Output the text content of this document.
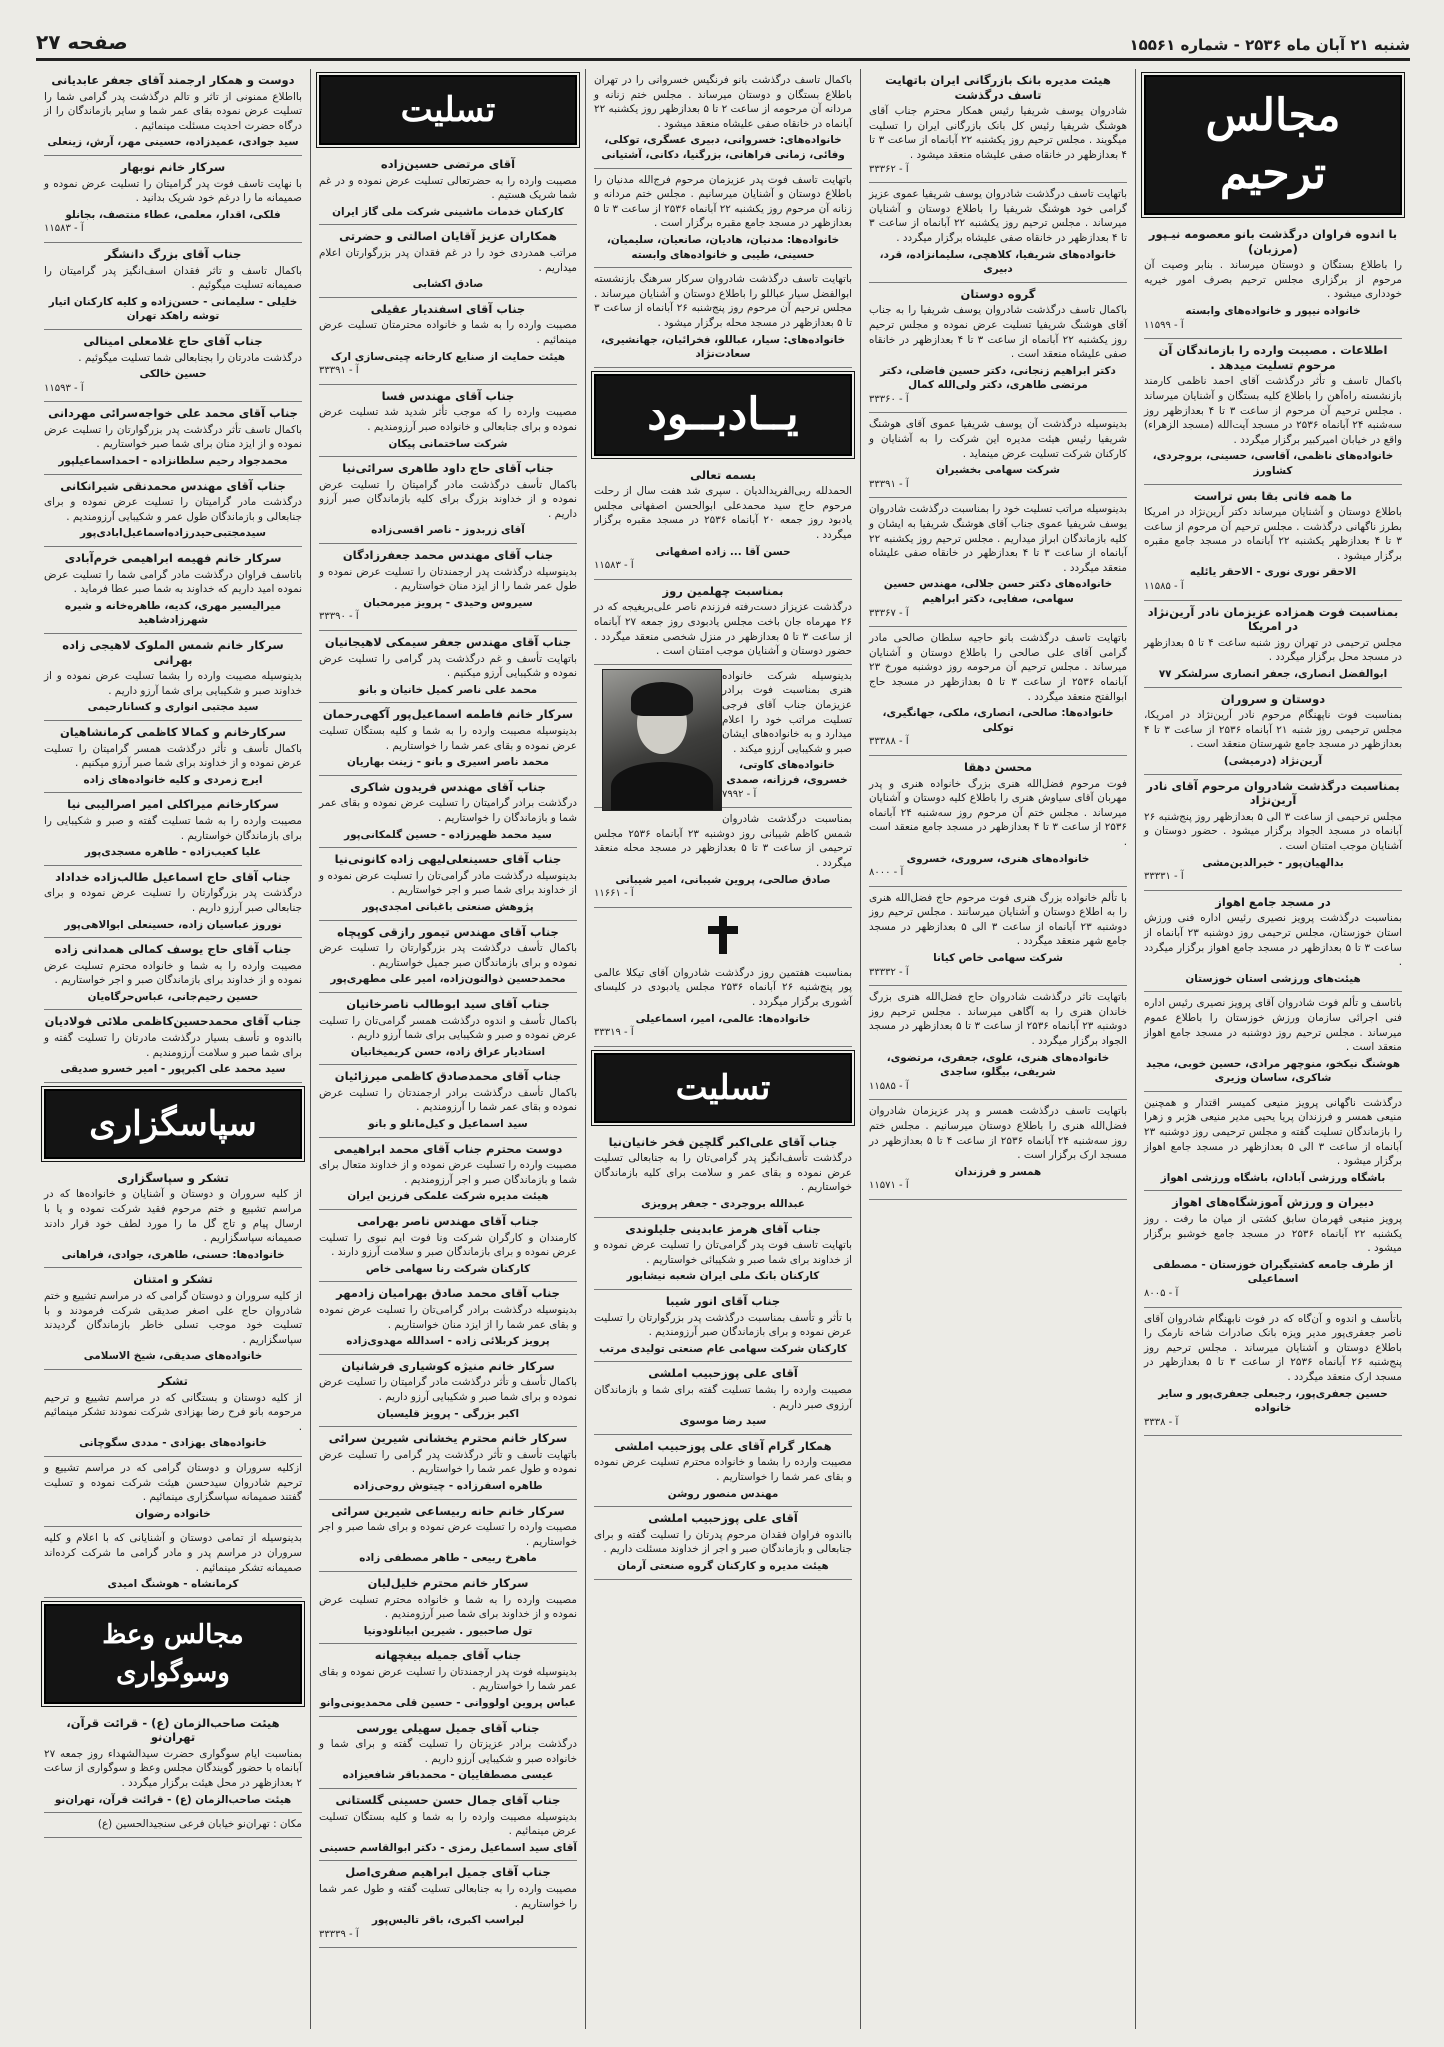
شنبه ۲۱ آبان ماه ۲۵۳۶ - شماره ۱۵۵۶۱
صفحه ۲۷
مجالس ترحیم
با اندوه فراوان درگذشت بانو معصومه نیـپور (مرزبان)

را باطلاع بستگان و دوستان میرساند . بنابر وصیت آن مرحوم از برگزاری مجلس ترحیم بصرف امور خیریه خودداری میشود .

خانواده نیپور و خانواده‌های وابسته
آ - ۱۱۵۹۹
اطلاعات . مصیبت وارده را بازماندگان آن مرحوم تسلیت میدهد .

باکمال تاسف و تأثر درگذشت آقای احمد ناظمی کارمند بازنشسته راه‌آهن را باطلاع کلیه بستگان و آشنایان میرساند . مجلس ترحیم آن مرحوم از ساعت ۳ تا ۴ بعدازظهر روز سه‌شنبه ۲۴ آبانماه ۲۵۳۶ در مسجد آیت‌الله (مسجد الزهراء) واقع در خیابان امیرکبیر برگزار میگردد .

خانواده‌های ناظمی، آقاسی، حسینی، بروجردی، کشاورز
ما همه فانی بقا بس تراست

باطلاع دوستان و آشنایان میرساند دکتر آرین‌نژاد در امریکا بطرز ناگهانی درگذشت . مجلس ترحیم آن مرحوم از ساعت ۳ تا ۴ بعدازظهر یکشنبه ۲۲ آبانماه در مسجد جامع مقبره برگزار میشود .

الاحقر نوری نوری - الاحقر یائلیه
آ - ۱۱۵۸۵
بمناسبت فوت همزاده عزیزمان نادر آرین‌نژاد در امریکا

مجلس ترحیمی در تهران روز شنبه ساعت ۴ تا ۵ بعدازظهر در مسجد محل برگزار میگردد .

ابوالفضل انصاری، جعفر انصاری سرلشکر ۷۷
دوستان و سروران

بمناسبت فوت ناپهنگام مرحوم نادر آرین‌نژاد در امریکا، مجلس ترحیمی روز شنبه ۲۱ آبانماه ۲۵۳۶ از ساعت ۳ تا ۴ بعدازظهر در مسجد جامع شهرستان منعقد است .

آرین‌نژاد (درمیشی)
بمناسبت درگذشت شادروان مرحوم آقای نادر آرین‌نژاد

مجلس ترحیمی از ساعت ۳ الی ۵ بعدازظهر روز پنج‌شنبه ۲۶ آبانماه در مسجد الجواد برگزار میشود . حضور دوستان و آشنایان موجب امتنان است .

بدالهیان‌پور - خیرالدین‌مشی
آ - ۳۳۳۳۱
در مسجد جامع اهواز

بمناسبت درگذشت پرویز نصیری رئیس اداره فنی ورزش استان خوزستان، مجلس ترحیمی روز دوشنبه ۲۳ آبانماه از ساعت ۳ تا ۵ بعدازظهر در مسجد جامع اهواز برگزار میگردد .

هیئت‌های ورزشی استان خوزستان

باتاسف و تألم فوت شادروان آقای پرویز نصیری رئیس اداره فنی اجرائی سازمان ورزش خوزستان را باطلاع عموم میرساند . مجلس ترحیم روز دوشنبه در مسجد جامع اهواز منعقد است .

هوشنگ نیکخو، منوچهر مرادی، حسین خوبی، مجید شاکری، ساسان وزیری

درگذشت ناگهانی پرویز منیعی کمیسر اقتدار و همچنین منیعی همسر و فرزندان پریا یحیی مدیر منیعی هژبر و زهرا را بازماندگان تسلیت گفته و مجلس ترحیمی روز دوشنبه ۲۳ آبانماه از ساعت ۳ الی ۵ بعدازظهر در مسجد جامع اهواز برگزار میشود .

باشگاه ورزشی آبادان، باشگاه ورزشی اهواز
دبیران و ورزش آموزشگاه‌های اهواز

پرویز منیعی قهرمان سابق کشتی از میان ما رفت . روز یکشنبه ۲۲ آبانماه ۲۵۳۶ در مسجد جامع خوشبو برگزار میشود .

از طرف جامعه کشتیگیران خوزستان - مصطفی اسماعیلی
آ - ۸۰۰۵

باتأسف و اندوه و آن‌گاه که در فوت نابهنگام شادروان آقای ناصر جعفری‌پور مدیر ویزه بانک صادرات شاخه نارمک را باطلاع دوستان و آشنایان میرساند . مجلس ترحیم روز پنج‌شنبه ۲۶ آبانماه ۲۵۳۶ از ساعت ۳ تا ۵ بعدازظهر در مسجد ارک منعقد میگردد .

حسین جعفری‌پور، رجبعلی جعفری‌پور و سایر خانواده
آ - ۳۳۳۸
هیئت مدیره بانک بازرگانی ایران باتهایت تاسف درگذشت

شادروان یوسف شریفیا رئیس همکار محترم جناب آقای هوشنگ شریفیا رئیس کل بانک بازرگانی ایران را تسلیت میگویند . مجلس ترحیم روز یکشنبه ۲۲ آبانماه از ساعت ۳ تا ۴ بعدازظهر در خانقاه صفی علیشاه منعقد میشود .

آ - ۳۳۳۶۲

باتهایت تاسف درگذشت شادروان یوسف شریفیا عموی عزیز گرامی خود هوشنگ شریفیا را باطلاع دوستان و آشنایان میرساند . مجلس ترحیم روز یکشنبه ۲۲ آبانماه از ساعت ۳ تا ۴ بعدازظهر در خانقاه صفی علیشاه برگزار میگردد .

خانواده‌های شریفیا، کلاهچی، سلیمانزاده، قرد، دبیری
گروه دوستان

باکمال تاسف درگذشت شادروان یوسف شریفیا را به جناب آقای هوشنگ شریفیا تسلیت عرض نموده و مجلس ترحیم روز یکشنبه ۲۲ آبانماه از ساعت ۳ تا ۴ بعدازظهر در خانقاه صفی علیشاه منعقد است .

دکتر ابراهیم زنجانی، دکتر حسین فاضلی، دکتر مرتضی طاهری، دکتر ولی‌الله کمال
آ - ۳۳۳۶۰

بدینوسیله درگذشت آن یوسف شریفیا عموی آقای هوشنگ شریفیا رئیس هیئت مدیره این شرکت را به آشنایان و کارکنان شرکت تسلیت عرض مینماید .

شرکت سهامی بخشیران
آ - ۳۳۳۹۱

بدینوسیله مراتب تسلیت خود را بمناسبت درگذشت شادروان یوسف شریفیا عموی جناب آقای هوشنگ شریفیا به ایشان و کلیه بازماندگان ابراز میداریم . مجلس ترحیم روز یکشنبه ۲۲ آبانماه از ساعت ۳ تا ۴ بعدازظهر در خانقاه صفی علیشاه منعقد میگردد .

خانواده‌های دکتر حسن جلالی، مهندس حسین سهامی، صفایی، دکتر ابراهیم
آ - ۳۳۳۶۷

باتهایت تاسف درگذشت بانو حاجیه سلطان صالحی مادر گرامی آقای علی صالحی را باطلاع دوستان و آشنایان میرساند . مجلس ترحیم آن مرحومه روز دوشنبه مورخ ۲۳ آبانماه ۲۵۳۶ از ساعت ۳ تا ۵ بعدازظهر در مسجد حاج ابوالفتح منعقد میگردد .

خانواده‌ها: صالحی، انصاری، ملکی، جهانگیری، توکلی
آ - ۳۳۳۸۸
محسن دهقا

فوت مرحوم فضل‌الله هنری بزرگ خانواده هنری و پدر مهربان آقای سیاوش هنری را باطلاع کلیه دوستان و آشنایان میرساند . مجلس ختم آن مرحوم روز سه‌شنبه ۲۴ آبانماه ۲۵۳۶ از ساعت ۳ تا ۴ بعدازظهر در مسجد جامع منعقد است .

خانواده‌های هنری، سروری، خسروی
آ - ۸۰۰۰

با تألم خانواده بزرگ هنری فوت مرحوم حاج فضل‌الله هنری را به اطلاع دوستان و آشنایان میرسانند . مجلس ترحیم روز دوشنبه ۲۳ آبانماه از ساعت ۳ الی ۵ بعدازظهر در مسجد جامع شهر منعقد میگردد .

شرکت سهامی خاص کیانا
آ - ۳۳۳۳۲

باتهایت تاثر درگذشت شادروان حاج فضل‌الله هنری بزرگ خاندان هنری را به آگاهی میرساند . مجلس ترحیم روز دوشنبه ۲۳ آبانماه ۲۵۳۶ از ساعت ۳ تا ۵ بعدازظهر در مسجد الجواد برگزار میگردد .

خانواده‌های هنری، علوی، جعفری، مرتضوی، شریفی، بیگلو، ساجدی
آ - ۱۱۵۸۵

باتهایت تاسف درگذشت همسر و پدر عزیزمان شادروان فضل‌الله هنری را باطلاع دوستان میرسانیم . مجلس ختم روز سه‌شنبه ۲۴ آبانماه ۲۵۳۶ از ساعت ۴ تا ۵ بعدازظهر در مسجد ارک برگزار است .

همسر و فرزندان
آ - ۱۱۵۷۱

باکمال تاسف درگذشت بانو فرنگیس خسروانی را در تهران باطلاع بستگان و دوستان میرساند . مجلس ختم زنانه و مردانه آن مرحومه از ساعت ۲ تا ۵ بعدازظهر روز یکشنبه ۲۲ آبانماه در خانقاه صفی علیشاه منعقد میشود .

خانواده‌های: خسروانی، دبیری عسگری، توکلی، وفائی، زمانی فراهانی، بزرگنیا، دکانی، آشتیانی

باتهایت تاسف فوت پدر عزیزمان مرحوم فرج‌الله مدنیان را باطلاع دوستان و آشنایان میرسانیم . مجلس ختم مردانه و زنانه آن مرحوم روز یکشنبه ۲۲ آبانماه ۲۵۳۶ از ساعت ۳ تا ۵ بعدازظهر در مسجد جامع مقبره برگزار است .

خانواده‌ها: مدنیان، هادیان، صانعیان، سلیمیان، حسینی، طیبی و خانواده‌های وابسته

باتهایت تاسف درگذشت شادروان سرکار سرهنگ بازنشسته ابوالفضل سیار عباللو را باطلاع دوستان و آشنایان میرساند . مجلس ترحیم آن مرحوم روز پنج‌شنبه ۲۶ آبانماه از ساعت ۳ تا ۵ بعدازظهر در مسجد محله برگزار میشود .

خانواده‌های: سیار، عباللو، فخرائیان، جهانشیری، سعادت‌نژاد
یــادبــود
بسمه تعالی

الحمدلله ربی‌الفریدالدیان . سپری شد هفت سال از رحلت مرحوم حاج سید محمدعلی ابوالحسن اصفهانی مجلس یادبود روز جمعه ۲۰ آبانماه ۲۵۳۶ در مسجد مقبره برگزار میگردد .

حسن آقا ... زاده اصفهانی
آ - ۱۱۵۸۳
بمناسبت چهلمین روز

درگذشت عزیزاز دست‌رفته فرزندم ناصر علی‌بریغیجه که در ۲۶ مهرماه جان باخت مجلس یادبودی روز جمعه ۲۷ آبانماه از ساعت ۳ تا ۵ بعدازظهر در منزل شخصی منعقد میگردد . حضور دوستان و آشنایان موجب امتنان است .

بدینوسیله شرکت خانواده هنری بمناسبت فوت برادر عزیزمان جناب آقای فرجی تسلیت مراتب خود را اعلام میدارد و به خانواده‌های ایشان صبر و شکیبایی آرزو میکند .

خانواده‌های کاوتی، خسروی، فرزانه، صمدی
آ - ۷۹۹۲

بمناسبت درگذشت شادروان شمس کاظم شیبانی روز دوشنبه ۲۳ آبانماه ۲۵۳۶ مجلس ترحیمی از ساعت ۳ تا ۵ بعدازظهر در مسجد محله منعقد میگردد .

صادق صالحی، پروین شیبانی، امیر شیبانی
آ - ۱۱۶۶۱

بمناسبت هفتمین روز درگذشت شادروان آقای تیکلا عالمی پور پنج‌شنبه ۲۶ آبانماه ۲۵۳۶ مجلس یادبودی در کلیسای آشوری برگزار میگردد .

خانواده‌ها: عالمی، امیر، اسماعیلی
آ - ۳۳۳۱۹
تسلیت
جناب آقای علی‌اکبر گلچین فخر خانیان‌نیا

درگذشت تأسف‌انگیز پدر گرامی‌تان را به جنابعالی تسلیت عرض نموده و بقای عمر و سلامت برای کلیه بازماندگان خواستاریم .

عبدالله بروجردی - جعفر پرویزی
جناب آقای هرمز عابدینی جلیلوندی

باتهایت تاسف فوت پدر گرامی‌تان را تسلیت عرض نموده و از خداوند برای شما صبر و شکیبائی خواستاریم .

کارکنان بانک ملی ایران شعبه نیشابور
جناب آقای انور شیبا

با تأثر و تأسف بمناسبت درگذشت پدر بزرگوارتان را تسلیت عرض نموده و برای بازماندگان صبر آرزومندیم .

کارکنان شرکت سهامی عام صنعتی تولیدی مرتب
آقای علی پوزحبیب املشی

مصیبت وارده را بشما تسلیت گفته برای شما و بازماندگان آرزوی صبر داریم .

سید رضا موسوی
همکار گرام آقای علی پوزحبیب املشی

مصیبت وارده را بشما و خانواده محترم تسلیت عرض نموده و بقای عمر شما را خواستاریم .

مهندس منصور روشن
آقای علی پوزحبیب املشی

بااندوه فراوان فقدان مرحوم پدرتان را تسلیت گفته و برای جنابعالی و بازماندگان صبر و اجر از خداوند مسئلت داریم .

هیئت مدیره و کارکنان گروه صنعتی آرمان
تسلیت
آقای مرتضی حسین‌زاده

مصیبت وارده را به حضرتعالی تسلیت عرض نموده و در غم شما شریک هستیم .

کارکنان خدمات ماشینی شرکت ملی گاز ایران
همکاران عزیز آقایان اصالتی و حضرتی

مراتب همدردی خود را در غم فقدان پدر بزرگوارتان اعلام میداریم .

صادق اکشابی
جناب آقای اسفندیار عقیلی

مصیبت وارده را به شما و خانواده محترمتان تسلیت عرض مینمائیم .

هیئت حمایت از صنایع کارخانه چیتی‌سازی ارک
آ - ۳۳۳۹۱
جناب آقای مهندس فسا

مصیبت وارده را که موجب تأثر شدید شد تسلیت عرض نموده و برای جنابعالی و خانواده صبر آرزومندیم .

شرکت ساختمانی پیکان
جناب آقای حاج داود طاهری سرائی‌نیا

باکمال تأسف درگذشت مادر گرامیتان را تسلیت عرض نموده و از خداوند بزرگ برای کلیه بازماندگان صبر آرزو داریم .

آقای زربدوز - ناصر اقسی‌زاده
جناب آقای مهندس محمد جعفرزادگان

بدینوسیله درگذشت پدر ارجمندتان را تسلیت عرض نموده و طول عمر شما را از ایزد منان خواستاریم .

سیروس وحیدی - پرویز میرمحبان
آ - ۳۳۳۹۰
جناب آقای مهندس جعفر سیمکی لاهیجانیان

باتهایت تأسف و غم درگذشت پدر گرامی را تسلیت عرض نموده و شکیبایی آرزو میکنیم .

محمد علی ناصر کمیل خانیان و بانو
سرکار خانم فاطمه اسماعیل‌پور آکهی‌رحمان

بدینوسیله مصیبت وارده را به شما و کلیه بستگان تسلیت عرض نموده و بقای عمر شما را خواستاریم .

محمد ناصر اسیری و بانو - زینت بهاریان
جناب آقای مهندس فریدون شاکری

درگذشت برادر گرامیتان را تسلیت عرض نموده و بقای عمر شما و بازماندگان را خواستاریم .

سید محمد ظهیرزاده - حسین گلمکانی‌پور
جناب آقای حسینعلی‌لیهی زاده کانونی‌نیا

بدینوسیله درگذشت مادر گرامی‌تان را تسلیت عرض نموده و از خداوند برای شما صبر و اجر خواستاریم .

پژوهش صنعتی باغبانی امجدی‌پور
جناب آقای مهندس تیمور رازقی کوپچاه

باکمال تأسف درگذشت پدر بزرگوارتان را تسلیت عرض نموده و برای بازماندگان صبر جمیل خواستاریم .

محمدحسین ذوالنون‌زاده، امیر علی مطهری‌پور
جناب آقای سید ابوطالب ناصرخانیان

باکمال تأسف و اندوه درگذشت همسر گرامی‌تان را تسلیت عرض نموده و صبر و شکیبایی برای شما آرزو داریم .

استادیار عراق زاده، حسن کریمیخانیان
جناب آقای محمدصادق کاظمی میرزائیان

باکمال تأسف درگذشت برادر ارجمندتان را تسلیت عرض نموده و بقای عمر شما را آرزومندیم .

سید اسماعیل و کیل‌مانلو و بانو
دوست محترم جناب آقای محمد ابراهیمی

مصیبت وارده را تسلیت عرض نموده و از خداوند متعال برای شما و بازماندگان صبر و اجر آرزومندیم .

هیئت مدیره شرکت علمکی فرزین ایران
جناب آقای مهندس ناصر بهرامی

کارمندان و کارگران شرکت ونا فوت ایم نبوی را تسلیت عرض نموده و برای بازماندگان صبر و سلامت آرزو دارند .

کارکنان شرکت رنا سهامی خاص
جناب آقای محمد صادق بهرامیان زادمهر

بدینوسیله درگذشت برادر گرامی‌تان را تسلیت عرض نموده و بقای عمر شما را از ایزد منان خواستاریم .

پرویز کربلائی زاده - اسدالله مهدوی‌زاده
سرکار خانم منیژه کوشیاری فرشانیان

باکمال تأسف و تأثر درگذشت مادر گرامیتان را تسلیت عرض نموده و برای شما صبر و شکیبایی آرزو داریم .

اکبر بزرگی - پرویز قلیسیان
سرکار خانم محترم یخشانی شیرین سرائی

باتهایت تأسف و تأثر درگذشت پدر گرامی را تسلیت عرض نموده و طول عمر شما را خواستاریم .

طاهره اسفرزاده - چیتوش روحی‌زاده
سرکار خانم حانه ربیساعی شیرین سرائی

مصیبت وارده را تسلیت عرض نموده و برای شما صبر و اجر خواستاریم .

ماهرخ ربیعی - طاهر مصطفی زاده
سرکار خانم محترم خلیل‌لیان

مصیبت وارده را به شما و خانواده محترم تسلیت عرض نموده و از خداوند برای شما صبر آرزومندیم .

تول صاحبیور . شیرین ابیانلودونیا
جناب آقای جمیله بیغچهانه

بدینوسیله فوت پدر ارجمندتان را تسلیت عرض نموده و بقای عمر شما را خواستاریم .

عباس پروین اولووانی - حسین قلی محمدیونی‌وانو
جناب آقای جمیل سهیلی یورسی

درگذشت برادر عزیزتان را تسلیت گفته و برای شما و خانواده صبر و شکیبایی آرزو داریم .

عیسی مصطفاییان - محمدباقر شافعیزاده
جناب آقای جمال حسن حسینی گلستانی

بدینوسیله مصیبت وارده را به شما و کلیه بستگان تسلیت عرض مینمائیم .

آقای سید اسماعیل رمزی - دکتر ابوالقاسم حسینی
جناب آقای جمیل ابراهیم صفری‌اصل

مصیبت وارده را به جنابعالی تسلیت گفته و طول عمر شما را خواستاریم .

لیراسب اکبری، باقر تالیس‌پور
آ - ۳۳۳۳۹
دوست و همکار ارجمند آقای جعفر عابدیانی

بااطلاع ممنونی از تاثر و تالم درگذشت پدر گرامی شما را تسلیت عرض نموده بقای عمر شما و سایر بازماندگان را از درگاه حضرت احدیت مسئلت مینمائیم .

سید جوادی، عمیدزاده، حسینی مهر، آرش، زینعلی
سرکار خانم نوبهار

با نهایت تاسف فوت پدر گرامیتان را تسلیت عرض نموده و صمیمانه ما را درغم خود شریک بدانید .

فلکی، اقدار، معلمی، عطاء منتصف، بجانلو
آ - ۱۱۵۸۳
جناب آقای بزرگ دانشگر

باکمال تاسف و تاثر فقدان اسف‌انگیز پدر گرامیتان را صمیمانه تسلیت میگوئیم .

خلیلی - سلیمانی - حسن‌زاده و کلیه کارکنان اتیار توشه راهکد تهران
جناب آقای حاج غلامعلی امینالی

درگذشت مادرتان را بجنابعالی شما تسلیت میگوئیم .

حسین خالکی
آ - ۱۱۵۹۳
جناب آقای محمد علی خواجه‌سرائی مهردانی

باکمال تاسف تأثر درگذشت پدر بزرگوارتان را تسلیت عرض نموده و از ایزد منان برای شما صبر خواستاریم .

محمدجواد رحیم سلطانزاده - احمداسماعیلپور
جناب آقای مهندس محمدنقی شیرانکانی

درگذشت مادر گرامیتان را تسلیت عرض نموده و برای جنابعالی و بازماندگان طول عمر و شکیبایی آرزومندیم .

سیدمجتبی‌حیدرزاده‌اسماعیل‌ابادی‌پور
سرکار خانم فهیمه ابراهیمی خرم‌آبادی

باتاسف فراوان درگذشت مادر گرامی شما را تسلیت عرض نموده امید داریم که خداوند به شما صبر عطا فرماید .

میرالیسیر مهری، کدیه، طاهره‌خانه و شیره شهرزادشاهید
سرکار خانم شمس الملوک لاهیجی زاده بهرانی

بدینوسیله مصیبت وارده را بشما تسلیت عرض نموده و از خداوند صبر و شکیبایی برای شما آرزو داریم .

سید مجتبی انواری و کسانارحیمی
سرکارخانم و کمالا کاظمی کرمانشاهیان

باکمال تأسف و تأثر درگذشت همسر گرامیتان را تسلیت عرض نموده و از خداوند برای شما صبر آرزو میکنیم .

ایرج زمردی و کلیه خانواده‌های زاده
سرکارخانم میراکلی امیر اصرالیبی نیا

مصیبت وارده را به شما تسلیت گفته و صبر و شکیبایی را برای بازماندگان خواستاریم .

علیا کعیب‌زاده - طاهره مسجدی‌پور
جناب آقای حاج اسماعیل طالب‌زاده خداداد

درگذشت پدر بزرگوارتان را تسلیت عرض نموده و برای جنابعالی صبر آرزو داریم .

نوروز عباسیان زاده، حسینعلی ابوالاهی‌پور
جناب آقای حاج یوسف کمالی همدانی زاده

مصیبت وارده را به شما و خانواده محترم تسلیت عرض نموده و از خداوند برای بازماندگان صبر و اجر خواستاریم .

حسین رحیم‌جانی، عباس‌حرگاه‌یان
جناب آقای محمدحسین‌کاظمی ملائی فولادیان

بااندوه و تأسف بسیار درگذشت مادرتان را تسلیت گفته و برای شما صبر و سلامت آرزومندیم .

سید محمد علی اکبرپور - امیر خسرو صدیقی
سپاسگزاری
تشکر و سپاسگزاری

از کلیه سروران و دوستان و آشنایان و خانواده‌ها که در مراسم تشییع و ختم مرحوم فقید شرکت نموده و یا با ارسال پیام و تاج گل ما را مورد لطف خود قرار دادند صمیمانه سپاسگزاریم .

خانواده‌ها: حسنی، طاهری، جوادی، فراهانی
تشکر و امتنان

از کلیه سروران و دوستان گرامی که در مراسم تشییع و ختم شادروان حاج علی اصغر صدیقی شرکت فرمودند و با تسلیت خود موجب تسلی خاطر بازماندگان گردیدند سپاسگزاریم .

خانواده‌های صدیقی، شیخ الاسلامی
تشکر

از کلیه دوستان و بستگانی که در مراسم تشییع و ترحیم مرحومه بانو فرح رضا بهزادی شرکت نمودند تشکر مینمائیم .

خانواده‌های بهزادی - مددی سگوچانی

ازکلیه سروران و دوستان گرامی که در مراسم تشییع و ترحیم شادروان سیدحسن هیئت شرکت نموده و تسلیت گفتند صمیمانه سپاسگزاری مینمائیم .

خانواده رضوان

بدینوسیله از تمامی دوستان و آشنایانی که با اعلام و کلیه سروران در مراسم پدر و مادر گرامی ما شرکت کرده‌اند صمیمانه تشکر مینمائیم .

کرمانشاه - هوشنگ امیدی
مجالس وعظ وسوگواری
هیئت صاحب‌الزمان (ع) - قرائت قرآن، تهران‌نو

بمناسبت ایام سوگواری حضرت سیدالشهداء روز جمعه ۲۷ آبانماه با حضور گویندگان مجلس وعظ و سوگواری از ساعت ۲ بعدازظهر در محل هیئت برگزار میگردد .

هیئت صاحب‌الزمان (ع) - قرائت قرآن، تهران‌نو

مکان : تهران‌نو خیابان فرعی سنجید‌الحسین (ع)
